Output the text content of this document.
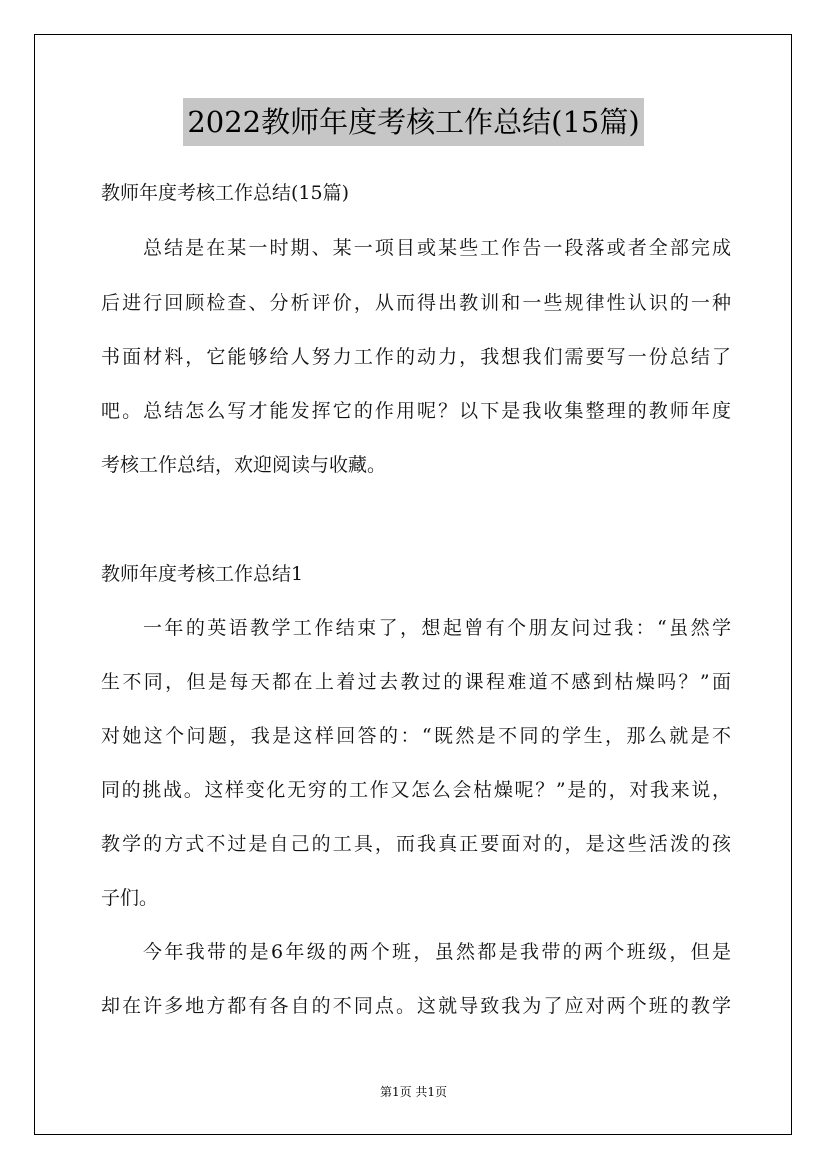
2022教师年度考核工作总结(15篇)
教师年度考核工作总结(15篇)
总结是在某一时期、某一项目或某些工作告一段落或者全部完成
后进行回顾检查、分析评价，从而得出教训和一些规律性认识的一种
书面材料，它能够给人努力工作的动力，我想我们需要写一份总结了
吧。总结怎么写才能发挥它的作用呢？以下是我收集整理的教师年度
考核工作总结，欢迎阅读与收藏。
教师年度考核工作总结1
一年的英语教学工作结束了，想起曾有个朋友问过我：“虽然学
生不同，但是每天都在上着过去教过的课程难道不感到枯燥吗？”面
对她这个问题，我是这样回答的：“既然是不同的学生，那么就是不
同的挑战。这样变化无穷的工作又怎么会枯燥呢？”是的，对我来说，
教学的方式不过是自己的工具，而我真正要面对的，是这些活泼的孩
子们。
今年我带的是6年级的两个班，虽然都是我带的两个班级，但是
却在许多地方都有各自的不同点。这就导致我为了应对两个班的教学
第1页 共1页
